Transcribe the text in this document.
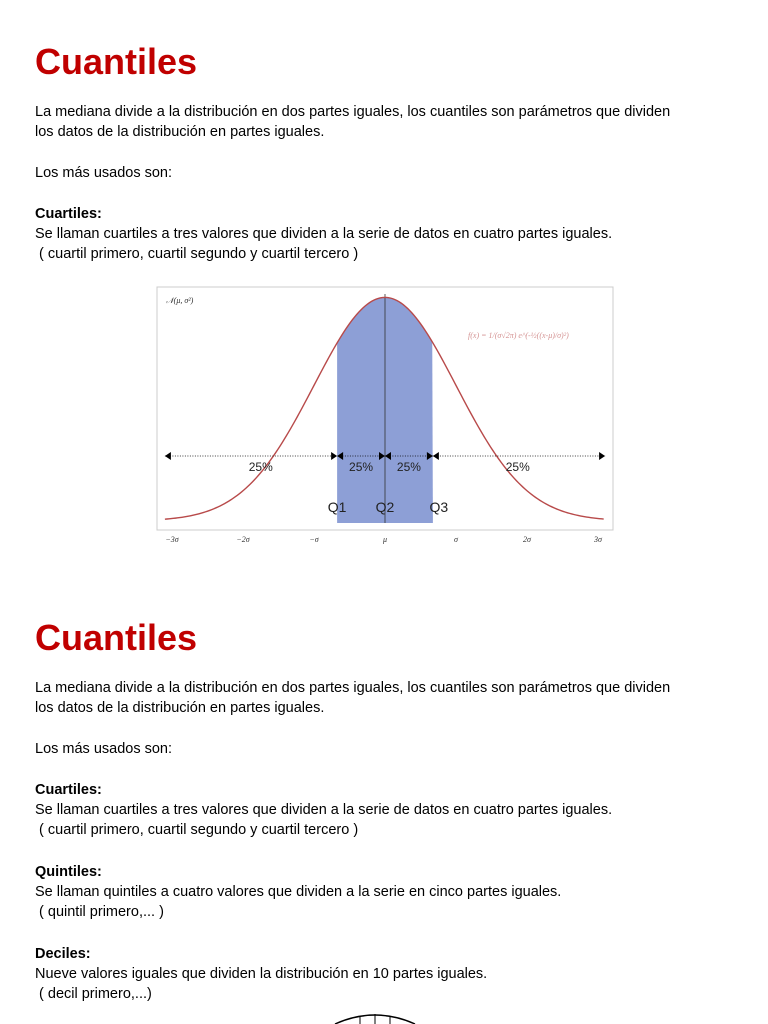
Cuantiles

La mediana divide a la distribución en dos partes iguales, los cuantiles son parámetros que dividen
los datos de la distribución en partes iguales.

Los más usados son:

Cuartiles:
Se llaman cuartiles a tres valores que dividen a la serie de datos en cuatro partes iguales.
( cuartil primero, cuartil segundo y cuartil tercero )

𝒩(μ, σ²)
f(x) = 1/(σ√2π) e^(-½((x-μ)/σ)²)
25%	25% 25%	25%
Q1 Q2	Q3
−3σ	−2σ	−σ	μ	σ	2σ	3σ
Cuantiles

La mediana divide a la distribución en dos partes iguales, los cuantiles son parámetros que dividen
los datos de la distribución en partes iguales.

Los más usados son:

Cuartiles:
Se llaman cuartiles a tres valores que dividen a la serie de datos en cuatro partes iguales.
( cuartil primero, cuartil segundo y cuartil tercero )

Quintiles:
Se llaman quintiles a cuatro valores que dividen a la serie en cinco partes iguales.
( quintil primero,... )

Deciles:
Nueve valores iguales que dividen la distribución en 10 partes iguales.
( decil primero,...)
